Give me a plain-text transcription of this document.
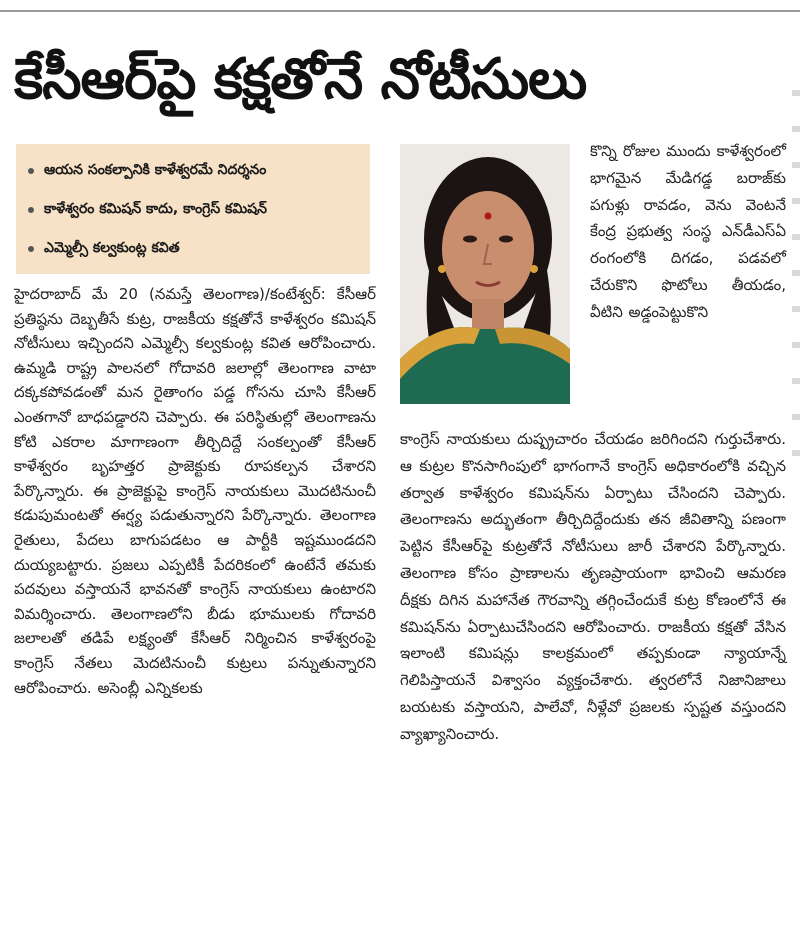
కేసీఆర్‌పై కక్షతోనే నోటీసులు
ఆయన సంకల్పానికి కాళేశ్వరమే నిదర్శనం
కాళేశ్వరం కమిషన్ కాదు, కాంగ్రెస్ కమిషన్
ఎమ్మెల్సీ కల్వకుంట్ల కవిత

కొన్ని రోజుల ముందు కాళేశ్వరంలో భాగమైన మేడిగడ్డ బరాజ్‌కు పగుళ్లు రావడం, వెను వెంటనే కేంద్ర ప్రభుత్వ సంస్థ ఎన్‌డీఎస్‌ఏ రంగంలోకి దిగడం, పడవలో చేరుకొని ఫొటోలు తీయడం, వీటిని అడ్డంపెట్టుకొని

హైదరాబాద్ మే 20 (నమస్తే తెలంగాణ)/కంటేశ్వర్: కేసీఆర్ ప్రతిష్ఠను దెబ్బతీసే కుట్ర, రాజకీయ కక్షతోనే కాళేశ్వరం కమిషన్ నోటీసులు ఇచ్చిందని ఎమ్మెల్సీ కల్వకుంట్ల కవిత ఆరోపించారు. ఉమ్మడి రాష్ట్ర పాలనలో గోదావరి జలాల్లో తెలంగాణ వాటా దక్కకపోవడంతో మన రైతాంగం పడ్డ గోసను చూసి కేసీఆర్ ఎంతగానో బాధపడ్డారని చెప్పారు. ఈ పరిస్థితుల్లో తెలంగాణను కోటి ఎకరాల మాగాణంగా తీర్చిదిద్దే సంకల్పంతో కేసీఆర్ కాళేశ్వరం బృహత్తర ప్రాజెక్టుకు రూపకల్పన చేశారని పేర్కొన్నారు. ఈ ప్రాజెక్టుపై కాంగ్రెస్ నాయకులు మొదటినుంచీ కడుపుమంటతో ఈర్ష్య పడుతున్నారని పేర్కొన్నారు. తెలంగాణ రైతులు, పేదలు బాగుపడటం ఆ పార్టీకి ఇష్టముండదని దుయ్యబట్టారు. ప్రజలు ఎప్పటికీ పేదరికంలో ఉంటేనే తమకు పదవులు వస్తాయనే భావనతో కాంగ్రెస్ నాయకులు ఉంటారని విమర్శించారు. తెలంగాణలోని బీడు భూములకు గోదావరి జలాలతో తడిపే లక్ష్యంతో కేసీఆర్ నిర్మించిన కాళేశ్వరంపై కాంగ్రెస్ నేతలు మెదటినుంచీ కుట్రలు పన్నుతున్నారని ఆరోపించారు. అసెంబ్లీ ఎన్నికలకు

కాంగ్రెస్ నాయకులు దుష్ప్రచారం చేయడం జరిగిందని గుర్తుచేశారు. ఆ కుట్రల కొనసాగింపులో భాగంగానే కాంగ్రెస్ అధికారంలోకి వచ్చిన తర్వాత కాళేశ్వరం కమిషన్‌ను ఏర్పాటు చేసిందని చెప్పారు. తెలంగాణను అద్భుతంగా తీర్చిదిద్దేందుకు తన జీవితాన్ని పణంగా పెట్టిన కేసీఆర్‌పై కుట్రతోనే నోటీసులు జారీ చేశారని పేర్కొన్నారు. తెలంగాణ కోసం ప్రాణాలను తృణప్రాయంగా భావించి ఆమరణ దీక్షకు దిగిన మహానేత గౌరవాన్ని తగ్గించేందుకే కుట్ర కోణంలోనే ఈ కమిషన్‌ను ఏర్పాటుచేసిందని ఆరోపించారు. రాజకీయ కక్షతో వేసిన ఇలాంటి కమిషన్లు కాలక్రమంలో తప్పకుండా న్యాయాన్నే గెలిపిస్తాయనే విశ్వాసం వ్యక్తంచేశారు. త్వరలోనే నిజానిజాలు బయటకు వస్తాయని, పాలేవో, నీళ్లేవో ప్రజలకు స్పష్టత వస్తుందని వ్యాఖ్యానించారు.
